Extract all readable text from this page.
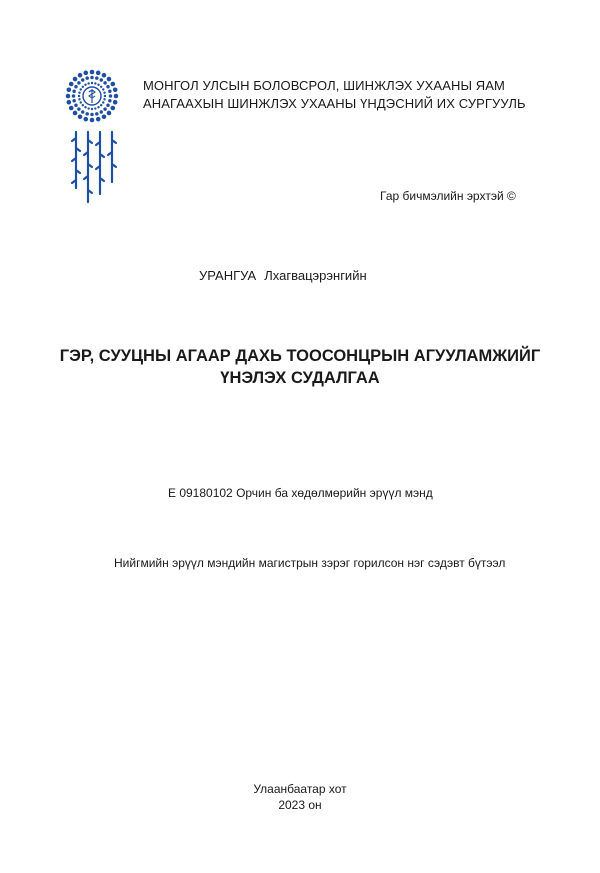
МОНГОЛ УЛСЫН БОЛОВСРОЛ, ШИНЖЛЭХ УХААНЫ ЯАМ
АНАГААХЫН ШИНЖЛЭХ УХААНЫ ҮНДЭСНИЙ ИХ СУРГУУЛЬ
Гар бичмэлийн эрхтэй ©
УРАНГУА Лхагвацэрэнгийн
ГЭР, СУУЦНЫ АГААР ДАХЬ ТООСОНЦРЫН АГУУЛАМЖИЙГ
ҮНЭЛЭХ СУДАЛГАА
E 09180102 Орчин ба хөдөлмөрийн эрүүл мэнд
Нийгмийн эрүүл мэндийн магистрын зэрэг горилсон нэг сэдэвт бүтээл
Улаанбаатар хот
2023 он
